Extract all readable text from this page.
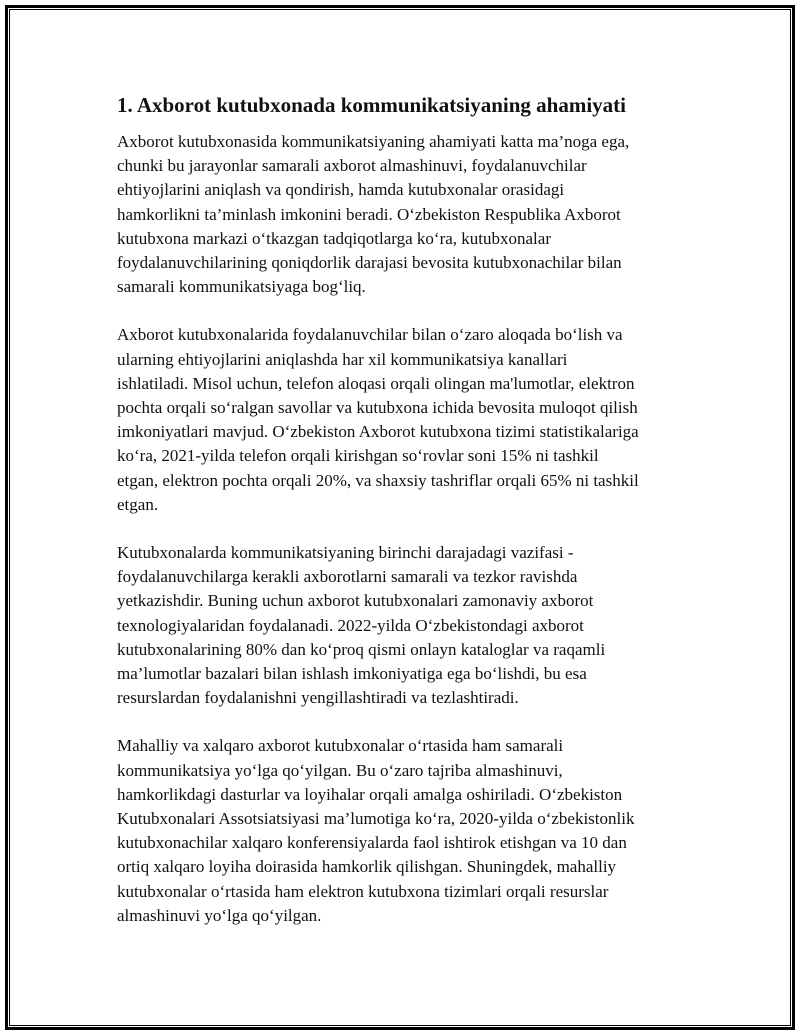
1. Axborot kutubxonada kommunikatsiyaning ahamiyati

Axborot kutubxonasida kommunikatsiyaning ahamiyati katta ma’noga ega,
chunki bu jarayonlar samarali axborot almashinuvi, foydalanuvchilar
ehtiyojlarini aniqlash va qondirish, hamda kutubxonalar orasidagi
hamkorlikni ta’minlash imkonini beradi. O‘zbekiston Respublika Axborot
kutubxona markazi o‘tkazgan tadqiqotlarga ko‘ra, kutubxonalar
foydalanuvchilarining qoniqdorlik darajasi bevosita kutubxonachilar bilan
samarali kommunikatsiyaga bog‘liq.

Axborot kutubxonalarida foydalanuvchilar bilan o‘zaro aloqada bo‘lish va
ularning ehtiyojlarini aniqlashda har xil kommunikatsiya kanallari
ishlatiladi. Misol uchun, telefon aloqasi orqali olingan ma'lumotlar, elektron
pochta orqali so‘ralgan savollar va kutubxona ichida bevosita muloqot qilish
imkoniyatlari mavjud. O‘zbekiston Axborot kutubxona tizimi statistikalariga
ko‘ra, 2021-yilda telefon orqali kirishgan so‘rovlar soni 15% ni tashkil
etgan, elektron pochta orqali 20%, va shaxsiy tashriflar orqali 65% ni tashkil
etgan.

Kutubxonalarda kommunikatsiyaning birinchi darajadagi vazifasi -
foydalanuvchilarga kerakli axborotlarni samarali va tezkor ravishda
yetkazishdir. Buning uchun axborot kutubxonalari zamonaviy axborot
texnologiyalaridan foydalanadi. 2022-yilda O‘zbekistondagi axborot
kutubxonalarining 80% dan ko‘proq qismi onlayn kataloglar va raqamli
ma’lumotlar bazalari bilan ishlash imkoniyatiga ega bo‘lishdi, bu esa
resurslardan foydalanishni yengillashtiradi va tezlashtiradi.

Mahalliy va xalqaro axborot kutubxonalar o‘rtasida ham samarali
kommunikatsiya yo‘lga qo‘yilgan. Bu o‘zaro tajriba almashinuvi,
hamkorlikdagi dasturlar va loyihalar orqali amalga oshiriladi. O‘zbekiston
Kutubxonalari Assotsiatsiyasi ma’lumotiga ko‘ra, 2020-yilda o‘zbekistonlik
kutubxonachilar xalqaro konferensiyalarda faol ishtirok etishgan va 10 dan
ortiq xalqaro loyiha doirasida hamkorlik qilishgan. Shuningdek, mahalliy
kutubxonalar o‘rtasida ham elektron kutubxona tizimlari orqali resurslar
almashinuvi yo‘lga qo‘yilgan.
